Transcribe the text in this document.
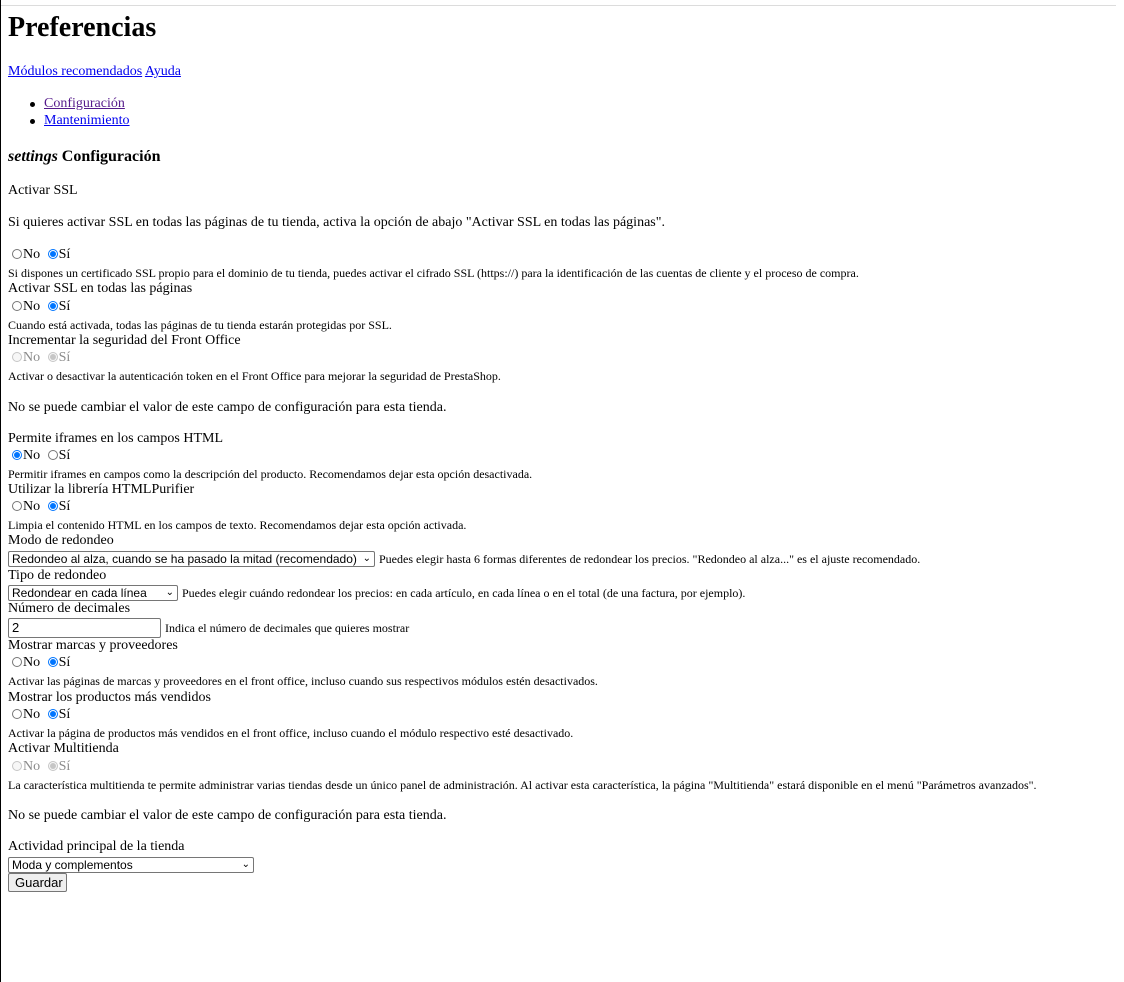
Preferencias
Módulos recomendados Ayuda
Configuración
Mantenimiento
settings Configuración
Activar SSL
Si quieres activar SSL en todas las páginas de tu tienda, activa la opción de abajo "Activar SSL en todas las páginas".
No Sí
Si dispones un certificado SSL propio para el dominio de tu tienda, puedes activar el cifrado SSL (https://) para la identificación de las cuentas de cliente y el proceso de compra.
Activar SSL en todas las páginas
No Sí
Cuando está activada, todas las páginas de tu tienda estarán protegidas por SSL.
Incrementar la seguridad del Front Office
No Sí
Activar o desactivar la autenticación token en el Front Office para mejorar la seguridad de PrestaShop.
No se puede cambiar el valor de este campo de configuración para esta tienda.
Permite iframes en los campos HTML
No Sí
Permitir iframes en campos como la descripción del producto. Recomendamos dejar esta opción desactivada.
Utilizar la librería HTMLPurifier
No Sí
Limpia el contenido HTML en los campos de texto. Recomendamos dejar esta opción activada.
Modo de redondeo
Redondeo al alza, cuando se ha pasado la mitad (recomendado) ⌄ Puedes elegir hasta 6 formas diferentes de redondear los precios. "Redondeo al alza..." es el ajuste recomendado.
Tipo de redondeo
Redondear en cada línea ⌄ Puedes elegir cuándo redondear los precios: en cada artículo, en cada línea o en el total (de una factura, por ejemplo).
Número de decimales
2	Indica el número de decimales que quieres mostrar
Mostrar marcas y proveedores
No Sí
Activar las páginas de marcas y proveedores en el front office, incluso cuando sus respectivos módulos estén desactivados.
Mostrar los productos más vendidos
No Sí
Activar la página de productos más vendidos en el front office, incluso cuando el módulo respectivo esté desactivado.
Activar Multitienda
No Sí
La característica multitienda te permite administrar varias tiendas desde un único panel de administración. Al activar esta característica, la página "Multitienda" estará disponible en el menú "Parámetros avanzados".
No se puede cambiar el valor de este campo de configuración para esta tienda.
Actividad principal de la tienda
Moda y complementos	⌄
Guardar
